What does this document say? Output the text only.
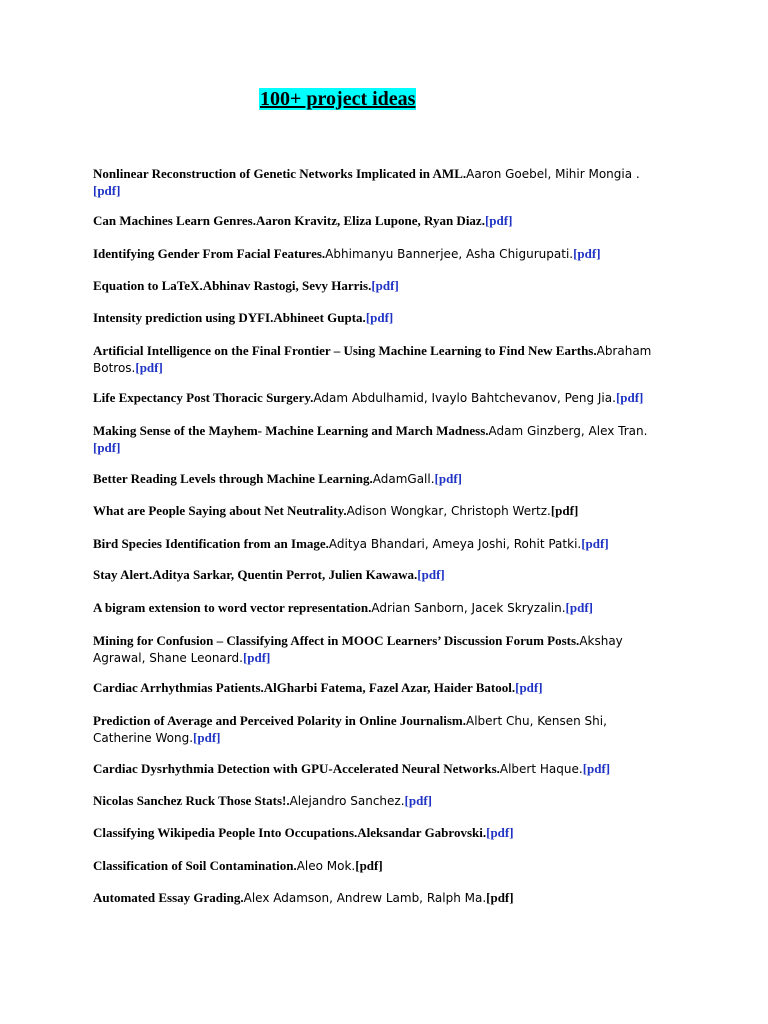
100+ project ideas

Nonlinear Reconstruction of Genetic Networks Implicated in AML.Aaron Goebel, Mihir Mongia .[pdf]

Can Machines Learn Genres.Aaron Kravitz, Eliza Lupone, Ryan Diaz.[pdf]

Identifying Gender From Facial Features.Abhimanyu Bannerjee, Asha Chigurupati.[pdf]

Equation to LaTeX.Abhinav Rastogi, Sevy Harris.[pdf]

Intensity prediction using DYFI.Abhineet Gupta.[pdf]

Artificial Intelligence on the Final Frontier – Using Machine Learning to Find New Earths.Abraham Botros.[pdf]

Life Expectancy Post Thoracic Surgery.Adam Abdulhamid, Ivaylo Bahtchevanov, Peng Jia.[pdf]

Making Sense of the Mayhem- Machine Learning and March Madness.Adam Ginzberg, Alex Tran.[pdf]

Better Reading Levels through Machine Learning.AdamGall.[pdf]

What are People Saying about Net Neutrality.Adison Wongkar, Christoph Wertz.[pdf]

Bird Species Identification from an Image.Aditya Bhandari, Ameya Joshi, Rohit Patki.[pdf]

Stay Alert.Aditya Sarkar, Quentin Perrot, Julien Kawawa.[pdf]

A bigram extension to word vector representation.Adrian Sanborn, Jacek Skryzalin.[pdf]

Mining for Confusion – Classifying Affect in MOOC Learners’ Discussion Forum Posts.Akshay Agrawal, Shane Leonard.[pdf]

Cardiac Arrhythmias Patients.AlGharbi Fatema, Fazel Azar, Haider Batool.[pdf]

Prediction of Average and Perceived Polarity in Online Journalism.Albert Chu, Kensen Shi, Catherine Wong.[pdf]

Cardiac Dysrhythmia Detection with GPU-Accelerated Neural Networks.Albert Haque.[pdf]

Nicolas Sanchez Ruck Those Stats!.Alejandro Sanchez.[pdf]

Classifying Wikipedia People Into Occupations.Aleksandar Gabrovski.[pdf]

Classification of Soil Contamination.Aleo Mok.[pdf]

Automated Essay Grading.Alex Adamson, Andrew Lamb, Ralph Ma.[pdf]
